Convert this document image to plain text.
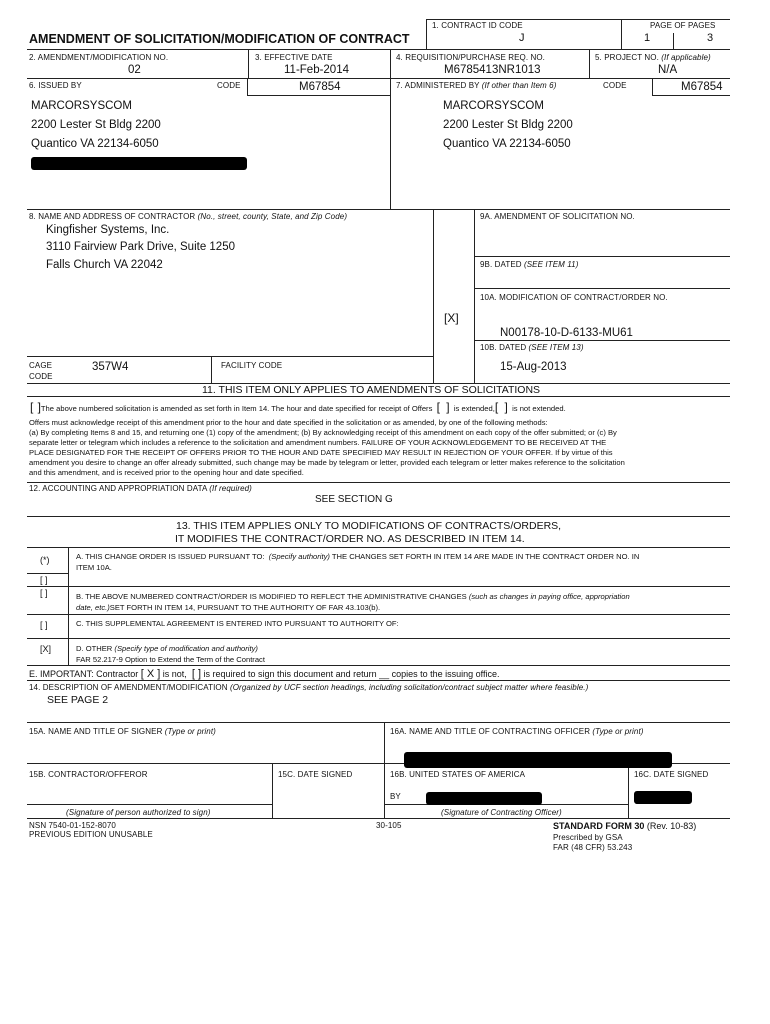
AMENDMENT OF SOLICITATION/MODIFICATION OF CONTRACT
1. CONTRACT ID CODE
J
PAGE OF PAGES
1	3
2. AMENDMENT/MODIFICATION NO.
02
3. EFFECTIVE DATE
11-Feb-2014
4. REQUISITION/PURCHASE REQ. NO.
M6785413NR1013
5. PROJECT NO. (If applicable)
N/A
6. ISSUED BY	CODE	M67854
MARCORSYSCOM
2200 Lester St Bldg 2200
Quantico VA 22134-6050
7. ADMINISTERED BY (If other than Item 6)	CODE	M67854
MARCORSYSCOM
2200 Lester St Bldg 2200
Quantico VA 22134-6050
8. NAME AND ADDRESS OF CONTRACTOR (No., street, county, State, and Zip Code)
Kingfisher Systems, Inc.
3110 Fairview Park Drive, Suite 1250
Falls Church VA 22042
CAGE
CODE
357W4	FACILITY CODE
9A. AMENDMENT OF SOLICITATION NO.
9B. DATED (SEE ITEM 11)
10A. MODIFICATION OF CONTRACT/ORDER NO.
[X]
N00178-10-D-6133-MU61
10B. DATED (SEE ITEM 13)
15-Aug-2013
11. THIS ITEM ONLY APPLIES TO AMENDMENTS OF SOLICITATIONS
[ ]The above numbered solicitation is amended as set forth in Item 14. The hour and date specified for receipt of Offers [ ] is extended,[ ] is not extended.
Offers must acknowledge receipt of this amendment prior to the hour and date specified in the solicitation or as amended, by one of the following methods:
(a) By completing Items 8 and 15, and returning one (1) copy of the amendment; (b) By acknowledging receipt of this amendment on each copy of the offer submitted; or (c) By
separate letter or telegram which includes a reference to the solicitation and amendment numbers. FAILURE OF YOUR ACKNOWLEDGEMENT TO BE RECEIVED AT THE
PLACE DESIGNATED FOR THE RECEIPT OF OFFERS PRIOR TO THE HOUR AND DATE SPECIFIED MAY RESULT IN REJECTION OF YOUR OFFER. If by virtue of this
amendment you desire to change an offer already submitted, such change may be made by telegram or letter, provided each telegram or letter makes reference to the solicitation
and this amendment, and is received prior to the opening hour and date specified.
12. ACCOUNTING AND APPROPRIATION DATA (If required)
SEE SECTION G
13. THIS ITEM APPLIES ONLY TO MODIFICATIONS OF CONTRACTS/ORDERS,
IT MODIFIES THE CONTRACT/ORDER NO. AS DESCRIBED IN ITEM 14.
(*)	A. THIS CHANGE ORDER IS ISSUED PURSUANT TO: (Specify authority) THE CHANGES SET FORTH IN ITEM 14 ARE MADE IN THE CONTRACT ORDER NO. IN
ITEM 10A.
[ ]
[ ]	B. THE ABOVE NUMBERED CONTRACT/ORDER IS MODIFIED TO REFLECT THE ADMINISTRATIVE CHANGES (such as changes in paying office, appropriation
date, etc.)SET FORTH IN ITEM 14, PURSUANT TO THE AUTHORITY OF FAR 43.103(b).
[ ]	C. THIS SUPPLEMENTAL AGREEMENT IS ENTERED INTO PURSUANT TO AUTHORITY OF:
[X]	D. OTHER (Specify type of modification and authority)
FAR 52.217-9 Option to Extend the Term of the Contract
E. IMPORTANT: Contractor [ X ] is not, [ ] is required to sign this document and return __ copies to the issuing office.
14. DESCRIPTION OF AMENDMENT/MODIFICATION (Organized by UCF section headings, including solicitation/contract subject matter where feasible.)
SEE PAGE 2
15A. NAME AND TITLE OF SIGNER (Type or print)	16A. NAME AND TITLE OF CONTRACTING OFFICER (Type or print)
15B. CONTRACTOR/OFFEROR	15C. DATE SIGNED	16B. UNITED STATES OF AMERICA	16C. DATE SIGNED
BY
(Signature of person authorized to sign)	(Signature of Contracting Officer)
NSN 7540-01-152-8070
PREVIOUS EDITION UNUSABLE
30-105	STANDARD FORM 30 (Rev. 10-83)
Prescribed by GSA
FAR (48 CFR) 53.243
